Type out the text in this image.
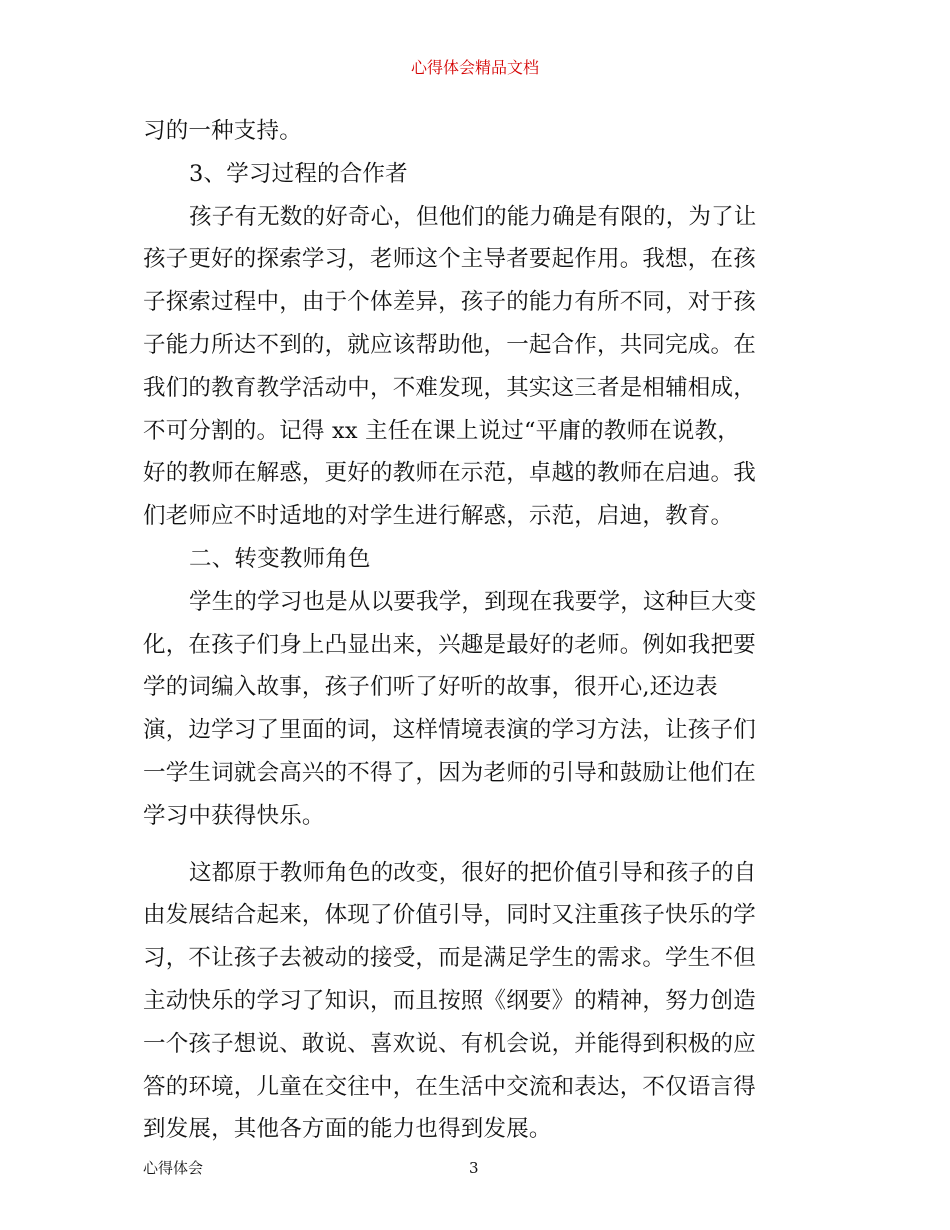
心得体会精品文档
习的一种支持。
3、学习过程的合作者
孩子有无数的好奇心，但他们的能力确是有限的，为了让
孩子更好的探索学习，老师这个主导者要起作用。我想，在孩
子探索过程中，由于个体差异，孩子的能力有所不同，对于孩
子能力所达不到的，就应该帮助他，一起合作，共同完成。在
我们的教育教学活动中，不难发现，其实这三者是相辅相成，
不可分割的。记得 xx 主任在课上说过“平庸的教师在说教，
好的教师在解惑，更好的教师在示范，卓越的教师在启迪。我
们老师应不时适地的对学生进行解惑，示范，启迪，教育。
二、转变教师角色
学生的学习也是从以要我学，到现在我要学，这种巨大变
化，在孩子们身上凸显出来，兴趣是最好的老师。例如我把要
学的词编入故事，孩子们听了好听的故事，很开心,还边表
演，边学习了里面的词，这样情境表演的学习方法，让孩子们
一学生词就会高兴的不得了，因为老师的引导和鼓励让他们在
学习中获得快乐。
这都原于教师角色的改变，很好的把价值引导和孩子的自
由发展结合起来，体现了价值引导，同时又注重孩子快乐的学
习，不让孩子去被动的接受，而是满足学生的需求。学生不但
主动快乐的学习了知识，而且按照《纲要》的精神，努力创造
一个孩子想说、敢说、喜欢说、有机会说，并能得到积极的应
答的环境，儿童在交往中，在生活中交流和表达，不仅语言得
到发展，其他各方面的能力也得到发展。
心得体会	3
